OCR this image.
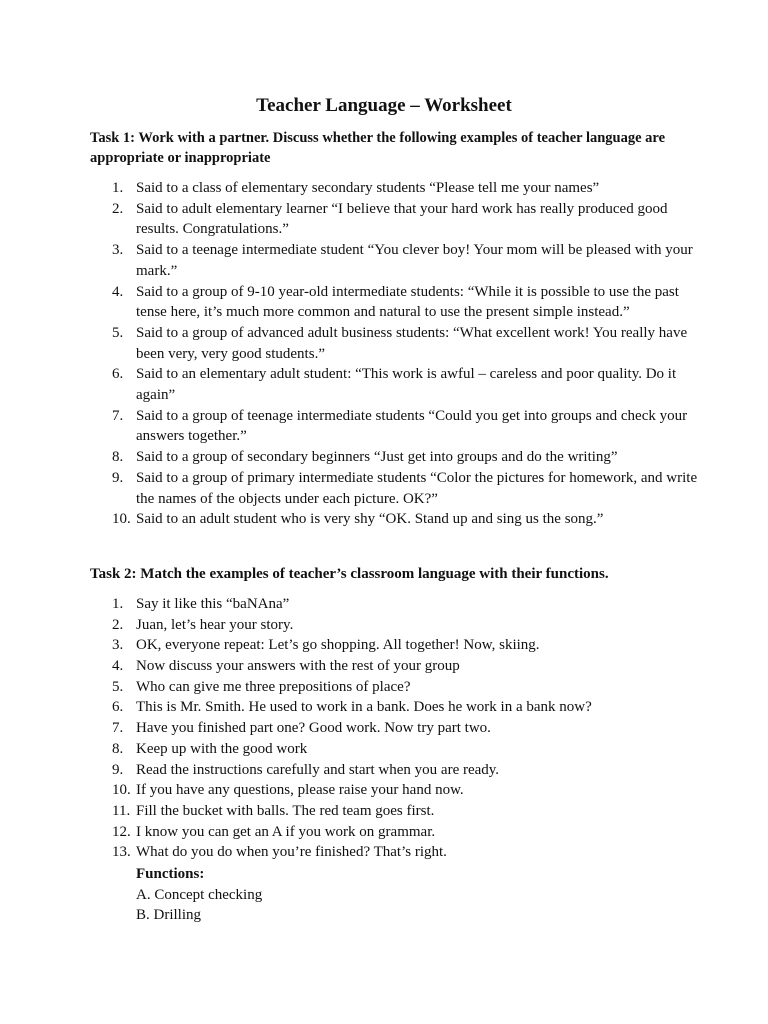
Teacher Language – Worksheet
Task 1: Work with a partner. Discuss whether the following examples of teacher language are appropriate or inappropriate
1. Said to a class of elementary secondary students “Please tell me your names”
2. Said to adult elementary learner “I believe that your hard work has really produced good results. Congratulations.”
3. Said to a teenage intermediate student “You clever boy! Your mom will be pleased with your mark.”
4. Said to a group of 9-10 year-old intermediate students: “While it is possible to use the past tense here, it’s much more common and natural to use the present simple instead.”
5. Said to a group of advanced adult business students: “What excellent work! You really have been very, very good students.”
6. Said to an elementary adult student: “This work is awful – careless and poor quality. Do it again”
7. Said to a group of teenage intermediate students “Could you get into groups and check your answers together.”
8. Said to a group of secondary beginners “Just get into groups and do the writing”
9. Said to a group of primary intermediate students “Color the pictures for homework, and write the names of the objects under each picture. OK?”
10. Said to an adult student who is very shy “OK. Stand up and sing us the song.”
Task 2: Match the examples of teacher’s classroom language with their functions.
1. Say it like this “baNAna”
2. Juan, let’s hear your story.
3. OK, everyone repeat: Let’s go shopping. All together! Now, skiing.
4. Now discuss your answers with the rest of your group
5. Who can give me three prepositions of place?
6. This is Mr. Smith. He used to work in a bank. Does he work in a bank now?
7. Have you finished part one? Good work. Now try part two.
8. Keep up with the good work
9. Read the instructions carefully and start when you are ready.
10. If you have any questions, please raise your hand now.
11. Fill the bucket with balls. The red team goes first.
12. I know you can get an A if you work on grammar.
13. What do you do when you’re finished? That’s right.
Functions:
A. Concept checking
B. Drilling
